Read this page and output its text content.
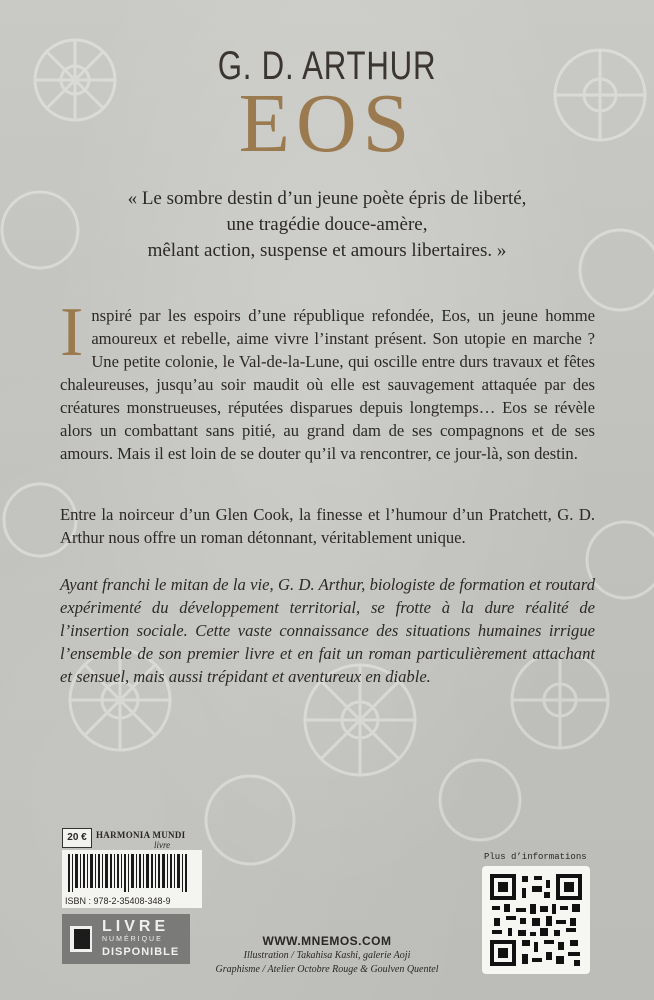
G. D. ARTHUR
EOS
« Le sombre destin d’un jeune poète épris de liberté,
une tragédie douce-amère,
mêlant action, suspense et amours libertaires. »
Inspiré par les espoirs d’une république refondée, Eos, un jeune homme amoureux et rebelle, aime vivre l’instant présent. Son utopie en marche ? Une petite colonie, le Val-de-la-Lune, qui oscille entre durs travaux et fêtes chaleureuses, jusqu’au soir maudit où elle est sauvagement attaquée par des créatures monstrueuses, réputées disparues depuis longtemps… Eos se révèle alors un combattant sans pitié, au grand dam de ses compagnons et de ses amours. Mais il est loin de se douter qu’il va rencontrer, ce jour-là, son destin.
Entre la noirceur d’un Glen Cook, la finesse et l’humour d’un Pratchett, G. D. Arthur nous offre un roman détonnant, véritablement unique.
Ayant franchi le mitan de la vie, G. D. Arthur, biologiste de formation et routard expérimenté du développement territorial, se frotte à la dure réalité de l’insertion sociale. Cette vaste connaissance des situations humaines irrigue l’ensemble de son premier livre et en fait un roman particulièrement attachant et sensuel, mais aussi trépidant et aventureux en diable.
20 €	HARMONIA MUNDI
livre
ISBN : 978-2-35408-348-9
LIVRE
NUMÉRIQUE
DISPONIBLE
WWW.MNEMOS.COM
Illustration / Takahisa Kashi, galerie Aoji
Graphisme / Atelier Octobre Rouge & Goulven Quentel
Plus d’informations
